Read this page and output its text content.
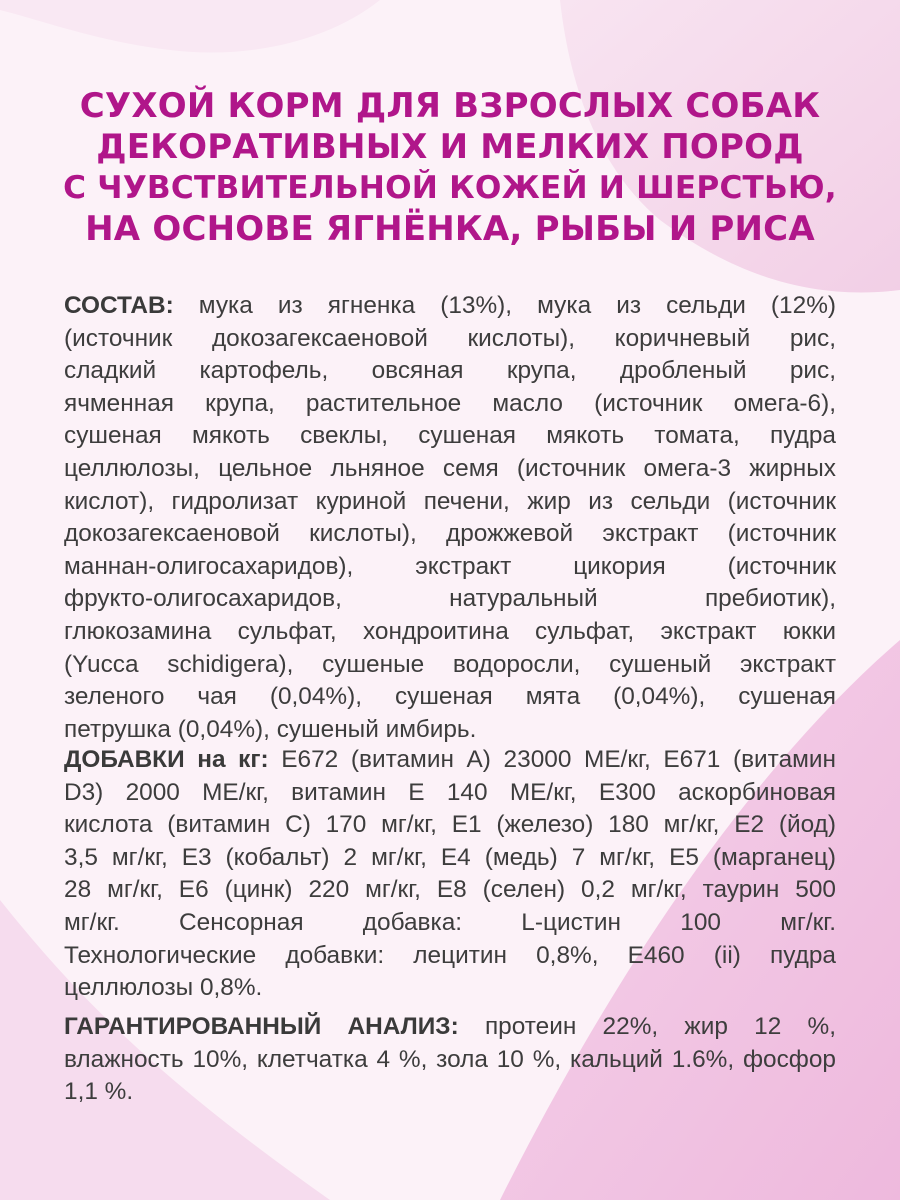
СУХОЙ КОРМ ДЛЯ ВЗРОСЛЫХ СОБАК
ДЕКОРАТИВНЫХ И МЕЛКИХ ПОРОД
С ЧУВСТВИТЕЛЬНОЙ КОЖЕЙ И ШЕРСТЬЮ,
НА ОСНОВЕ ЯГНЁНКА, РЫБЫ И РИСА
СОСТАВ: мука из ягненка (13%), мука из сельди (12%)
(источник докозагексаеновой кислоты), коричневый рис,
сладкий картофель, овсяная крупа, дробленый рис,
ячменная крупа, растительное масло (источник омега-6),
сушеная мякоть свеклы, сушеная мякоть томата, пудра
целлюлозы, цельное льняное семя (источник омега-3 жирных
кислот), гидролизат куриной печени, жир из сельди (источник
докозагексаеновой кислоты), дрожжевой экстракт (источник
маннан-олигосахаридов), экстракт цикория (источник
фрукто-олигосахаридов, натуральный пребиотик),
глюкозамина сульфат, хондроитина сульфат, экстракт юкки
(Yucca schidigera), сушеные водоросли, сушеный экстракт
зеленого чая (0,04%), сушеная мята (0,04%), сушеная
петрушка (0,04%), сушеный имбирь.
ДОБАВКИ на кг: Е672 (витамин А) 23000 МЕ/кг, Е671 (витамин
D3) 2000 МЕ/кг, витамин Е 140 МЕ/кг, Е300 аскорбиновая
кислота (витамин С) 170 мг/кг, Е1 (железо) 180 мг/кг, Е2 (йод)
3,5 мг/кг, Е3 (кобальт) 2 мг/кг, Е4 (медь) 7 мг/кг, Е5 (марганец)
28 мг/кг, Е6 (цинк) 220 мг/кг, Е8 (селен) 0,2 мг/кг, таурин 500
мг/кг. Сенсорная добавка: L-цистин 100 мг/кг.
Технологические добавки: лецитин 0,8%, Е460 (ii) пудра
целлюлозы 0,8%.
ГАРАНТИРОВАННЫЙ АНАЛИЗ: протеин 22%, жир 12 %,
влажность 10%, клетчатка 4 %, зола 10 %, кальций 1.6%, фосфор
1,1 %.
